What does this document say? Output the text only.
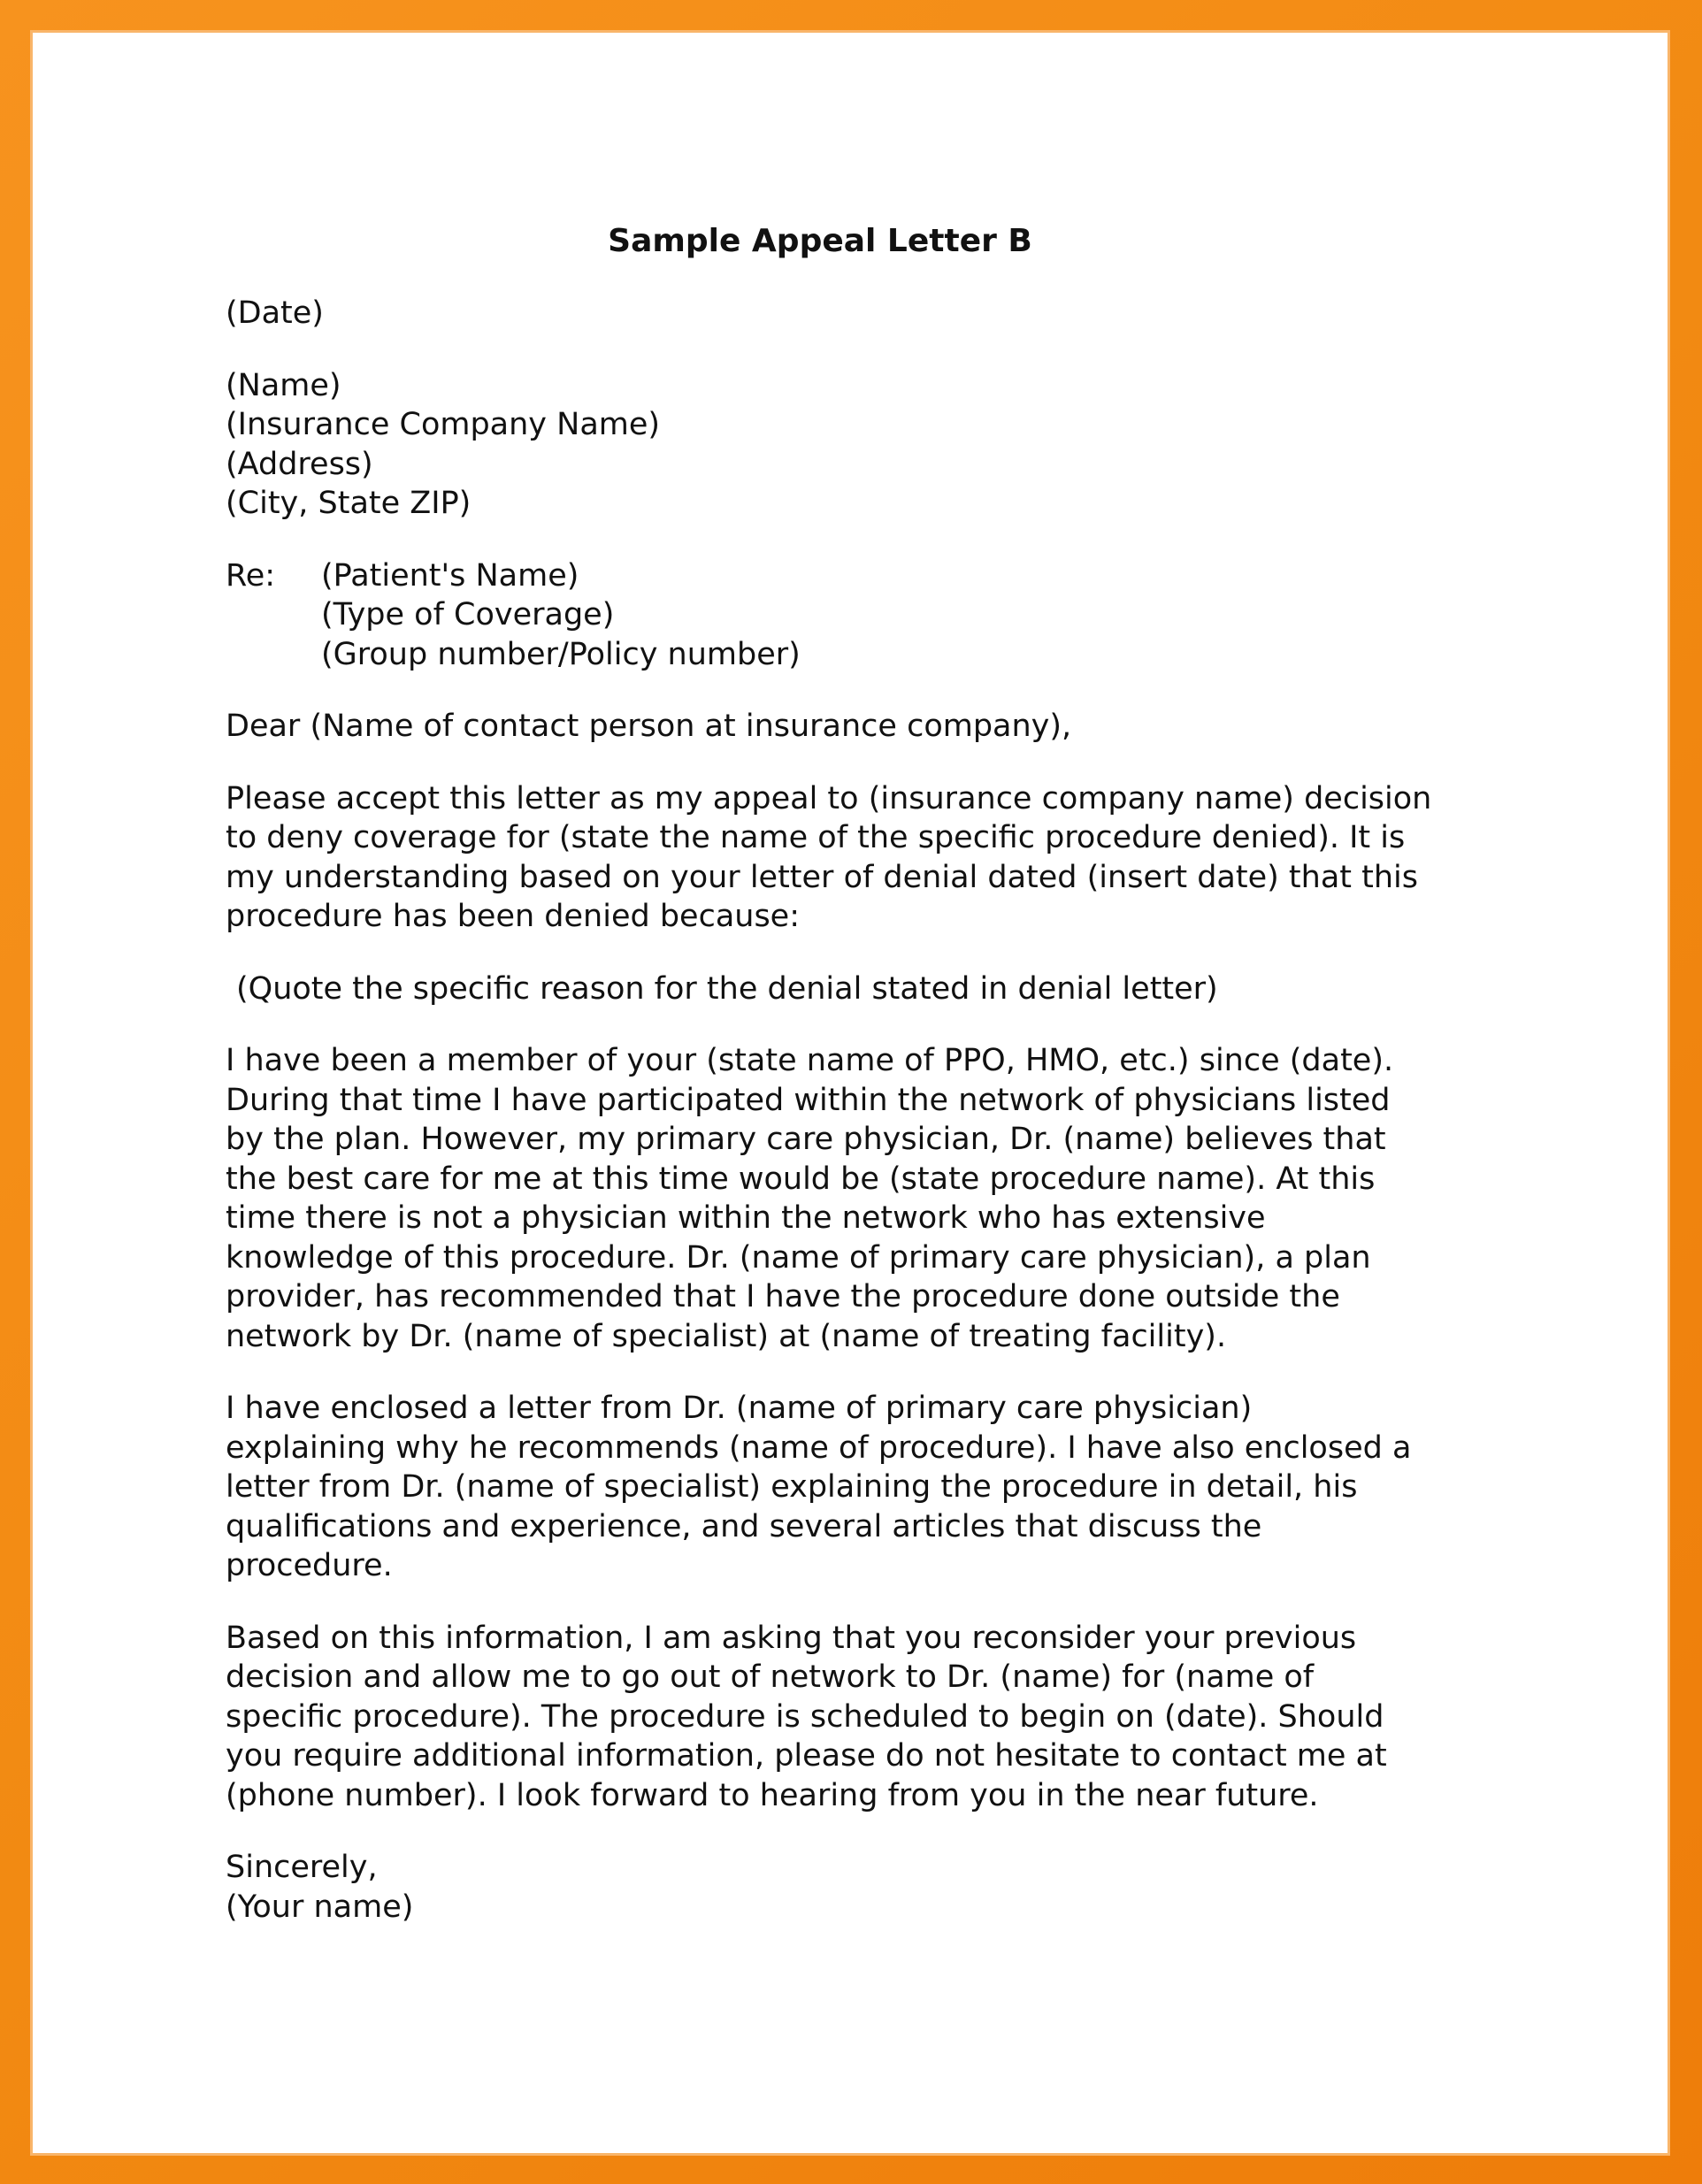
Sample Appeal Letter B
(Date)
(Name)
(Insurance Company Name)
(Address)
(City, State ZIP)
Re:	(Patient's Name)
(Type of Coverage)
(Group number/Policy number)
Dear (Name of contact person at insurance company),
Please accept this letter as my appeal to (insurance company name) decision
to deny coverage for (state the name of the specific procedure denied). It is
my understanding based on your letter of denial dated (insert date) that this
procedure has been denied because:
(Quote the specific reason for the denial stated in denial letter)
I have been a member of your (state name of PPO, HMO, etc.) since (date).
During that time I have participated within the network of physicians listed
by the plan. However, my primary care physician, Dr. (name) believes that
the best care for me at this time would be (state procedure name). At this
time there is not a physician within the network who has extensive
knowledge of this procedure. Dr. (name of primary care physician), a plan
provider, has recommended that I have the procedure done outside the
network by Dr. (name of specialist) at (name of treating facility).
I have enclosed a letter from Dr. (name of primary care physician)
explaining why he recommends (name of procedure). I have also enclosed a
letter from Dr. (name of specialist) explaining the procedure in detail, his
qualifications and experience, and several articles that discuss the
procedure.
Based on this information, I am asking that you reconsider your previous
decision and allow me to go out of network to Dr. (name) for (name of
specific procedure). The procedure is scheduled to begin on (date). Should
you require additional information, please do not hesitate to contact me at
(phone number). I look forward to hearing from you in the near future.
Sincerely,
(Your name)
